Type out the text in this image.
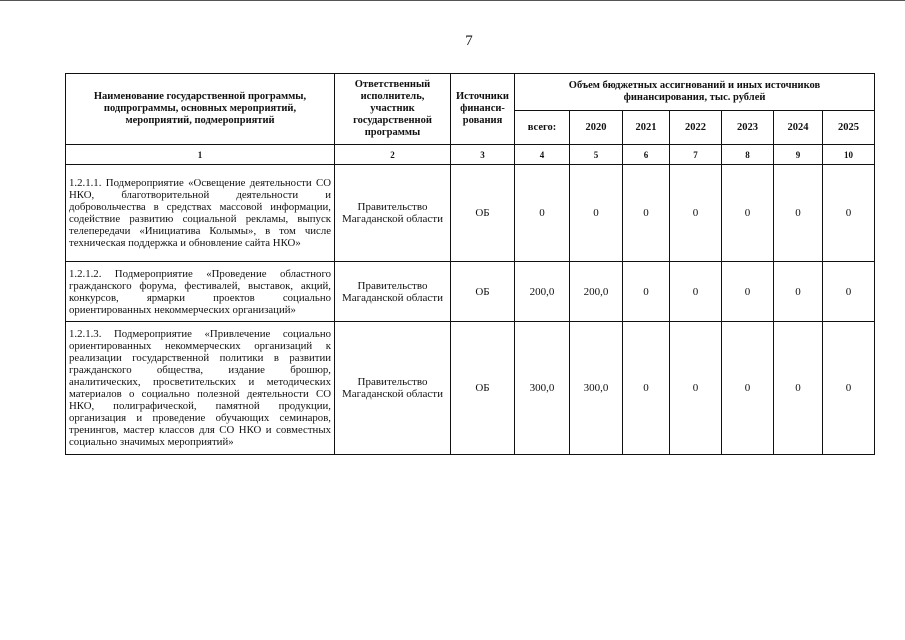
7
Наименование государственной программы, подпрограммы, основных мероприятий, мероприятий, подмероприятий	Ответственный исполнитель, участник государственной программы	Источники финанси-рования	Объем бюджетных ассигнований и иных источников финансирования, тыс. рублей						
			всего:	2020	2021	2022	2023	2024	2025
1	2	3	4	5	6	7	8	9	10
1.2.1.1. Подмероприятие «Освещение деятельности СО НКО, благотворительной деятельности и добровольчества в средствах массовой информации, содействие развитию социальной рекламы, выпуск телепередачи «Инициатива Колымы», в том числе техническая поддержка и обновление сайта НКО»	Правительство Магаданской области	ОБ	0	0	0	0	0	0	0
1.2.1.2. Подмероприятие «Проведение областного гражданского форума, фестивалей, выставок, акций, конкурсов, ярмарки проектов социально ориентированных некоммерческих организаций»	Правительство Магаданской области	ОБ	200,0	200,0	0	0	0	0	0
1.2.1.3. Подмероприятие «Привлечение социально ориентированных некоммерческих организаций к реализации государственной политики в развитии гражданского общества, издание брошюр, аналитических, просветительских и методических материалов о социально полезной деятельности СО НКО, полиграфической, памятной продукции, организация и проведение обучающих семинаров, тренингов, мастер классов для СО НКО и совместных социально значимых мероприятий»	Правительство Магаданской области	ОБ	300,0	300,0	0	0	0	0	0
